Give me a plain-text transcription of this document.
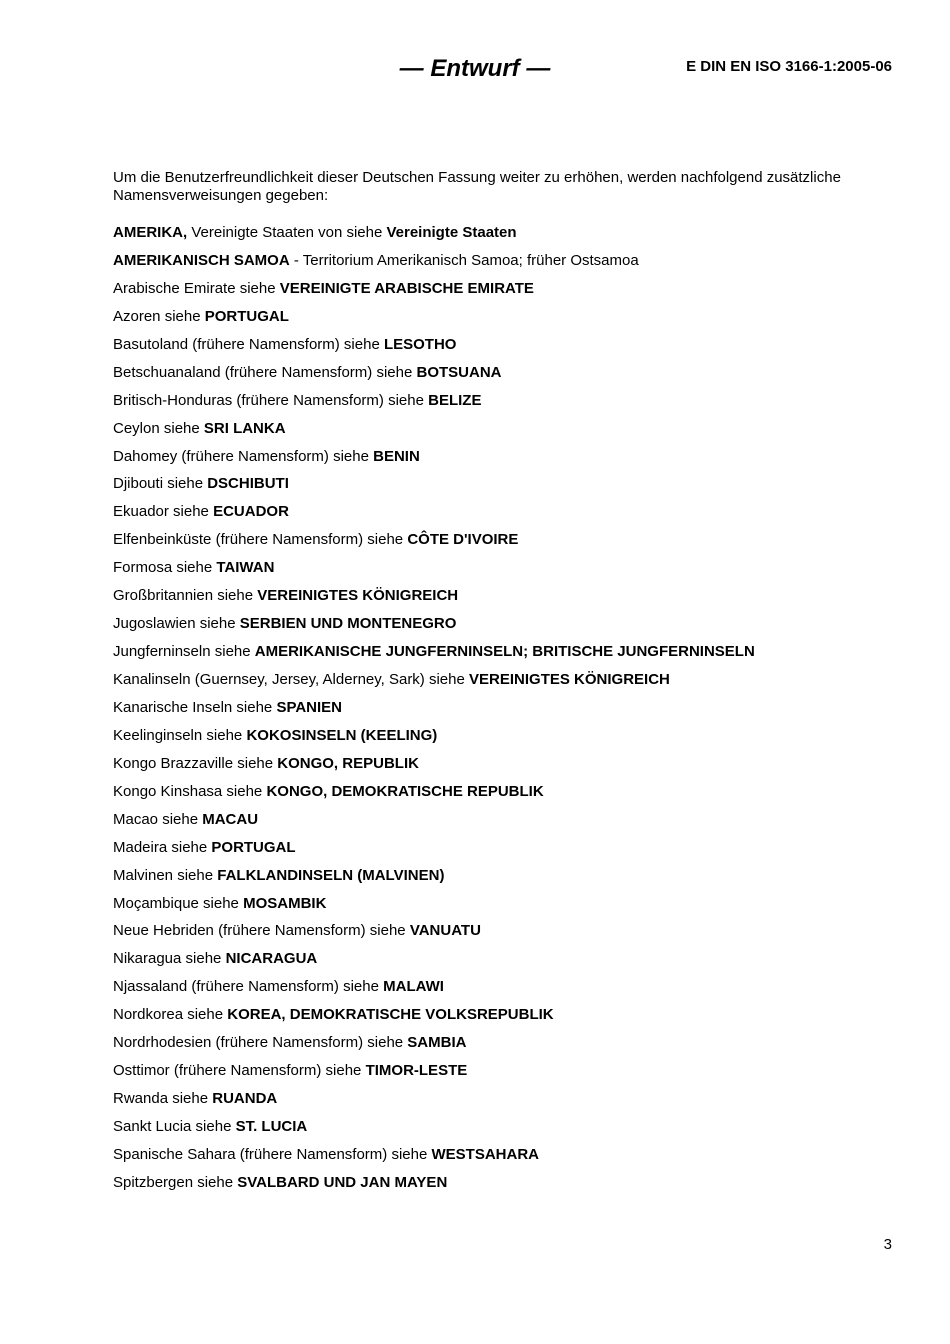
— Entwurf —	E DIN EN ISO 3166-1:2005-06
Um die Benutzerfreundlichkeit dieser Deutschen Fassung weiter zu erhöhen, werden nachfolgend zusätzliche Namensverweisungen gegeben:
AMERIKA, Vereinigte Staaten von siehe Vereinigte Staaten
AMERIKANISCH SAMOA - Territorium Amerikanisch Samoa; früher Ostsamoa
Arabische Emirate siehe VEREINIGTE ARABISCHE EMIRATE
Azoren siehe PORTUGAL
Basutoland (frühere Namensform) siehe LESOTHO
Betschuanaland (frühere Namensform) siehe BOTSUANA
Britisch-Honduras (frühere Namensform) siehe BELIZE
Ceylon siehe SRI LANKA
Dahomey (frühere Namensform) siehe BENIN
Djibouti siehe DSCHIBUTI
Ekuador siehe ECUADOR
Elfenbeinküste (frühere Namensform) siehe CÔTE D'IVOIRE
Formosa siehe TAIWAN
Großbritannien siehe VEREINIGTES KÖNIGREICH
Jugoslawien siehe SERBIEN UND MONTENEGRO
Jungferninseln siehe AMERIKANISCHE JUNGFERNINSELN; BRITISCHE JUNGFERNINSELN
Kanalinseln (Guernsey, Jersey, Alderney, Sark) siehe VEREINIGTES KÖNIGREICH
Kanarische Inseln siehe SPANIEN
Keelinginseln siehe KOKOSINSELN (KEELING)
Kongo Brazzaville siehe KONGO, REPUBLIK
Kongo Kinshasa siehe KONGO, DEMOKRATISCHE REPUBLIK
Macao siehe MACAU
Madeira siehe PORTUGAL
Malvinen siehe FALKLANDINSELN (MALVINEN)
Moçambique siehe MOSAMBIK
Neue Hebriden (frühere Namensform) siehe VANUATU
Nikaragua siehe NICARAGUA
Njassaland (frühere Namensform) siehe MALAWI
Nordkorea siehe KOREA, DEMOKRATISCHE VOLKSREPUBLIK
Nordrhodesien (frühere Namensform) siehe SAMBIA
Osttimor (frühere Namensform) siehe TIMOR-LESTE
Rwanda siehe RUANDA
Sankt Lucia siehe ST. LUCIA
Spanische Sahara (frühere Namensform) siehe WESTSAHARA
Spitzbergen siehe SVALBARD UND JAN MAYEN
3
